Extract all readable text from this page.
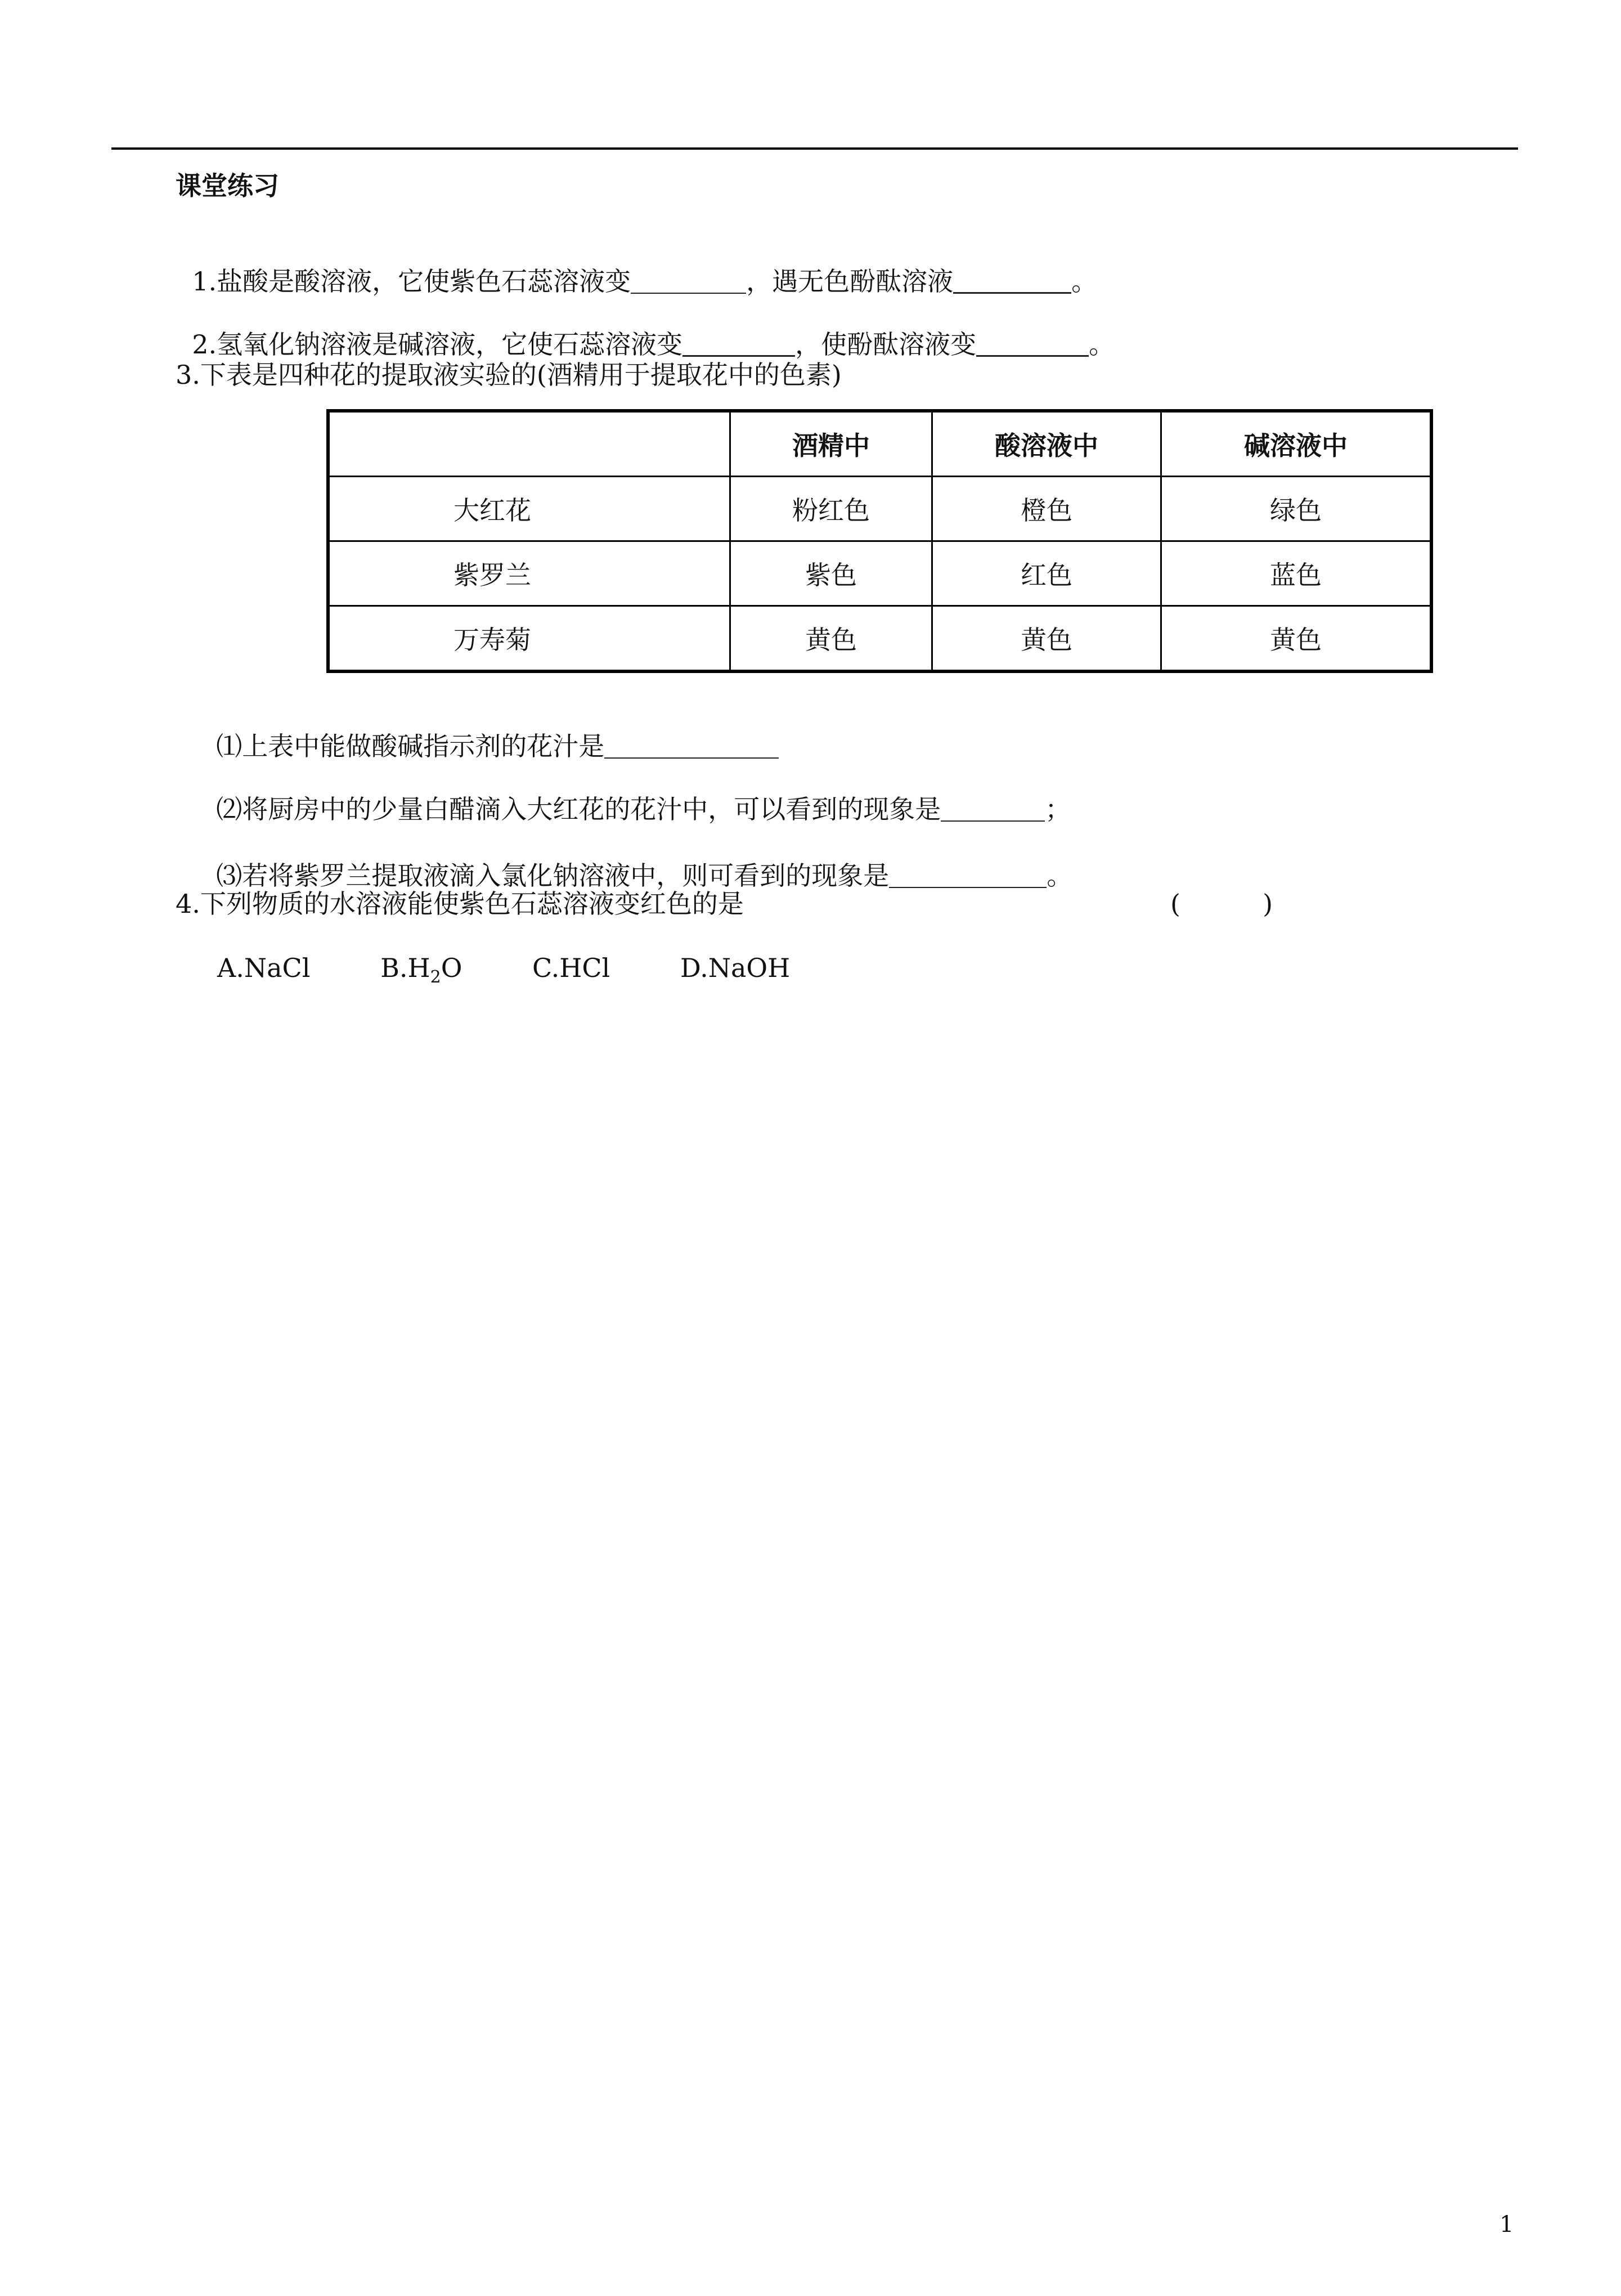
课堂练习

1.盐酸是酸溶液，它使紫色石蕊溶液变	，遇无色酚酞溶液	。

2.氢氧化钠溶液是碱溶液，它使石蕊溶液变	，使酚酞溶液变	。

3.下表是四种花的提取液实验的(酒精用于提取花中的色素)
	酒精中	酸溶液中	碱溶液中
大红花	粉红色	橙色	绿色
紫罗兰	紫色	红色	蓝色
万寿菊	黄色	黄色	黄色

⑴上表中能做酸碱指示剂的花汁是

⑵将厨房中的少量白醋滴入大红花的花汁中，可以看到的现象是	；

⑶若将紫罗兰提取液滴入氯化钠溶液中，则可看到的现象是	。

4.下列物质的水溶液能使紫色石蕊溶液变红色的是	(          )
A.NaCl	$B.H_2O$	C.HCl	D.NaOH
1
